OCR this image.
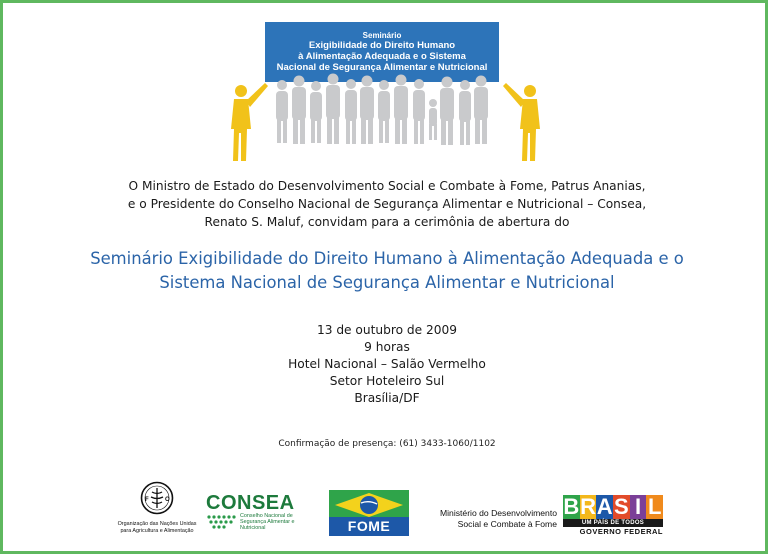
Seminário
Exigibilidade do Direito Humano
à Alimentação Adequada e o Sistema
Nacional de Segurança Alimentar e Nutricional
O Ministro de Estado do Desenvolvimento Social e Combate à Fome, Patrus Ananias,
e o Presidente do Conselho Nacional de Segurança Alimentar e Nutricional – Consea,
Renato S. Maluf, convidam para a cerimônia de abertura do
Seminário Exigibilidade do Direito Humano à Alimentação Adequada e o
Sistema Nacional de Segurança Alimentar e Nutricional
13 de outubro de 2009
9 horas
Hotel Nacional – Salão Vermelho
Setor Hoteleiro Sul
Brasília/DF
Confirmação de presença: (61) 3433-1060/1102
F	O
Organização das Nações Unidas
para Agricultura e Alimentação
CONSEA
Conselho Nacional de
Segurança Alimentar e
Nutricional	FOME ZERO
Ministério do Desenvolvimento
Social e Combate à Fome
B R A S I L
UM PAÍS DE TODOS
GOVERNO FEDERAL
